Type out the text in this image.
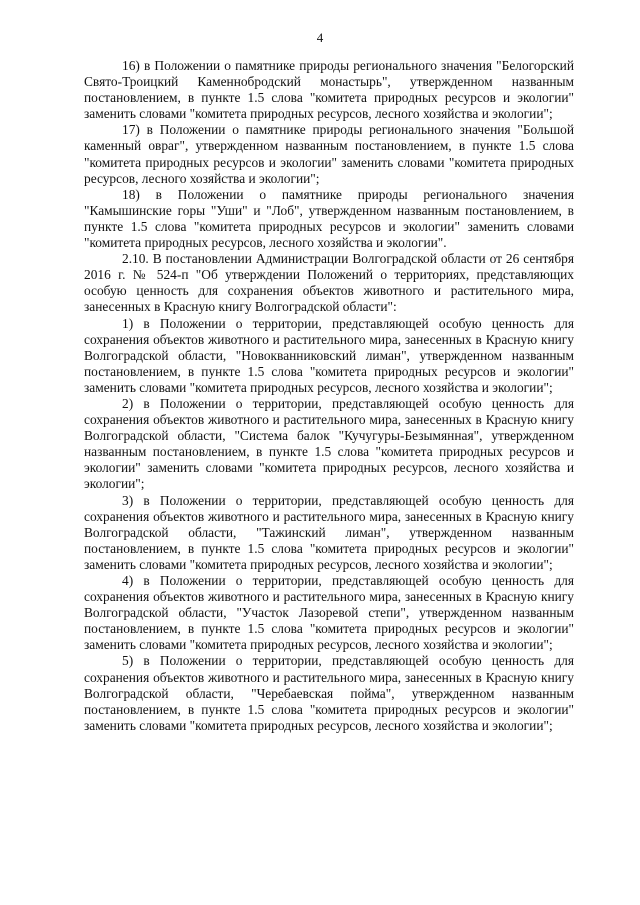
4

16) в Положении о памятнике природы регионального значения "Белогорский Свято-Троицкий Каменнобродский монастырь", утвержденном названным постановлением, в пункте 1.5 слова "комитета природных ресурсов и экологии" заменить словами "комитета природных ресурсов, лесного хозяйства и экологии";

17) в Положении о памятнике природы регионального значения "Большой каменный овраг", утвержденном названным постановлением, в пункте 1.5 слова "комитета природных ресурсов и экологии" заменить словами "комитета природных ресурсов, лесного хозяйства и экологии";

18) в Положении о памятнике природы регионального значения "Камышинские горы "Уши" и "Лоб", утвержденном названным постановлением, в пункте 1.5 слова "комитета природных ресурсов и экологии" заменить словами "комитета природных ресурсов, лесного хозяйства и экологии".

2.10. В постановлении Администрации Волгоградской области от 26 сентября 2016 г. № 524-п "Об утверждении Положений о территориях, представляющих особую ценность для сохранения объектов животного и растительного мира, занесенных в Красную книгу Волгоградской области":

1) в Положении о территории, представляющей особую ценность для сохранения объектов животного и растительного мира, занесенных в Красную книгу Волгоградской области, "Новокванниковский лиман", утвержденном названным постановлением, в пункте 1.5 слова "комитета природных ресурсов и экологии" заменить словами "комитета природных ресурсов, лесного хозяйства и экологии";

2) в Положении о территории, представляющей особую ценность для сохранения объектов животного и растительного мира, занесенных в Красную книгу Волгоградской области, "Система балок "Кучугуры-Безымянная", утвержденном названным постановлением, в пункте 1.5 слова "комитета природных ресурсов и экологии" заменить словами "комитета природных ресурсов, лесного хозяйства и экологии";

3) в Положении о территории, представляющей особую ценность для сохранения объектов животного и растительного мира, занесенных в Красную книгу Волгоградской области, "Тажинский лиман", утвержденном названным постановлением, в пункте 1.5 слова "комитета природных ресурсов и экологии" заменить словами "комитета природных ресурсов, лесного хозяйства и экологии";

4) в Положении о территории, представляющей особую ценность для сохранения объектов животного и растительного мира, занесенных в Красную книгу Волгоградской области, "Участок Лазоревой степи", утвержденном названным постановлением, в пункте 1.5 слова "комитета природных ресурсов и экологии" заменить словами "комитета природных ресурсов, лесного хозяйства и экологии";

5) в Положении о территории, представляющей особую ценность для сохранения объектов животного и растительного мира, занесенных в Красную книгу Волгоградской области, "Черебаевская пойма", утвержденном названным постановлением, в пункте 1.5 слова "комитета природных ресурсов и экологии" заменить словами "комитета природных ресурсов, лесного хозяйства и экологии";
